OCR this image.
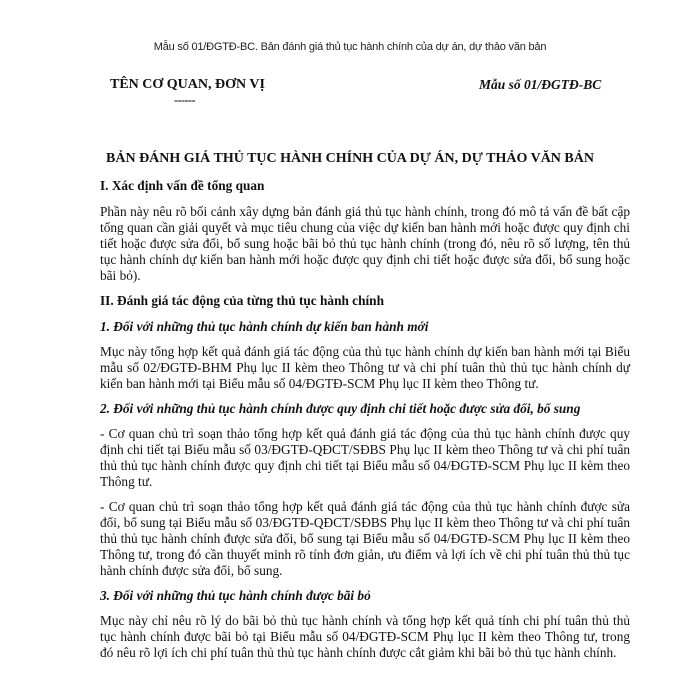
Mẫu số 01/ĐGTĐ-BC. Bản đánh giá thủ tục hành chính của dự án, dự thảo văn bản
TÊN CƠ QUAN, ĐƠN VỊ
------
Mẫu số 01/ĐGTĐ-BC
BẢN ĐÁNH GIÁ THỦ TỤC HÀNH CHÍNH CỦA DỰ ÁN, DỰ THẢO VĂN BẢN
I. Xác định vấn đề tổng quan
Phần này nêu rõ bối cảnh xây dựng bản đánh giá thủ tục hành chính, trong đó mô tả vấn đề bất cập tổng quan cần giải quyết và mục tiêu chung của việc dự kiến ban hành mới hoặc được quy định chi tiết hoặc được sửa đổi, bổ sung hoặc bãi bỏ thủ tục hành chính (trong đó, nêu rõ số lượng, tên thủ tục hành chính dự kiến ban hành mới hoặc được quy định chi tiết hoặc được sửa đổi, bổ sung hoặc bãi bỏ).
II. Đánh giá tác động của từng thủ tục hành chính
1. Đối với những thủ tục hành chính dự kiến ban hành mới
Mục này tổng hợp kết quả đánh giá tác động của thủ tục hành chính dự kiến ban hành mới tại Biểu mẫu số 02/ĐGTĐ-BHM Phụ lục II kèm theo Thông tư và chi phí tuân thủ thủ tục hành chính dự kiến ban hành mới tại Biểu mẫu số 04/ĐGTĐ-SCM Phụ lục II kèm theo Thông tư.
2. Đối với những thủ tục hành chính được quy định chi tiết hoặc được sửa đổi, bổ sung
- Cơ quan chủ trì soạn thảo tổng hợp kết quả đánh giá tác động của thủ tục hành chính được quy định chi tiết tại Biểu mẫu số 03/ĐGTĐ-QĐCT/SĐBS Phụ lục II kèm theo Thông tư và chi phí tuân thủ thủ tục hành chính được quy định chi tiết tại Biểu mẫu số 04/ĐGTĐ-SCM Phụ lục II kèm theo Thông tư.
- Cơ quan chủ trì soạn thảo tổng hợp kết quả đánh giá tác động của thủ tục hành chính được sửa đổi, bổ sung tại Biểu mẫu số 03/ĐGTĐ-QĐCT/SĐBS Phụ lục II kèm theo Thông tư và chi phí tuân thủ thủ tục hành chính được sửa đổi, bổ sung tại Biểu mẫu số 04/ĐGTĐ-SCM Phụ lục II kèm theo Thông tư, trong đó cần thuyết minh rõ tính đơn giản, ưu điểm và lợi ích về chi phí tuân thủ thủ tục hành chính được sửa đổi, bổ sung.
3. Đối với những thủ tục hành chính được bãi bỏ
Mục này chỉ nêu rõ lý do bãi bỏ thủ tục hành chính và tổng hợp kết quả tính chi phí tuân thủ thủ tục hành chính được bãi bỏ tại Biểu mẫu số 04/ĐGTĐ-SCM Phụ lục II kèm theo Thông tư, trong đó nêu rõ lợi ích chi phí tuân thủ thủ tục hành chính được cắt giảm khi bãi bỏ thủ tục hành chính.
